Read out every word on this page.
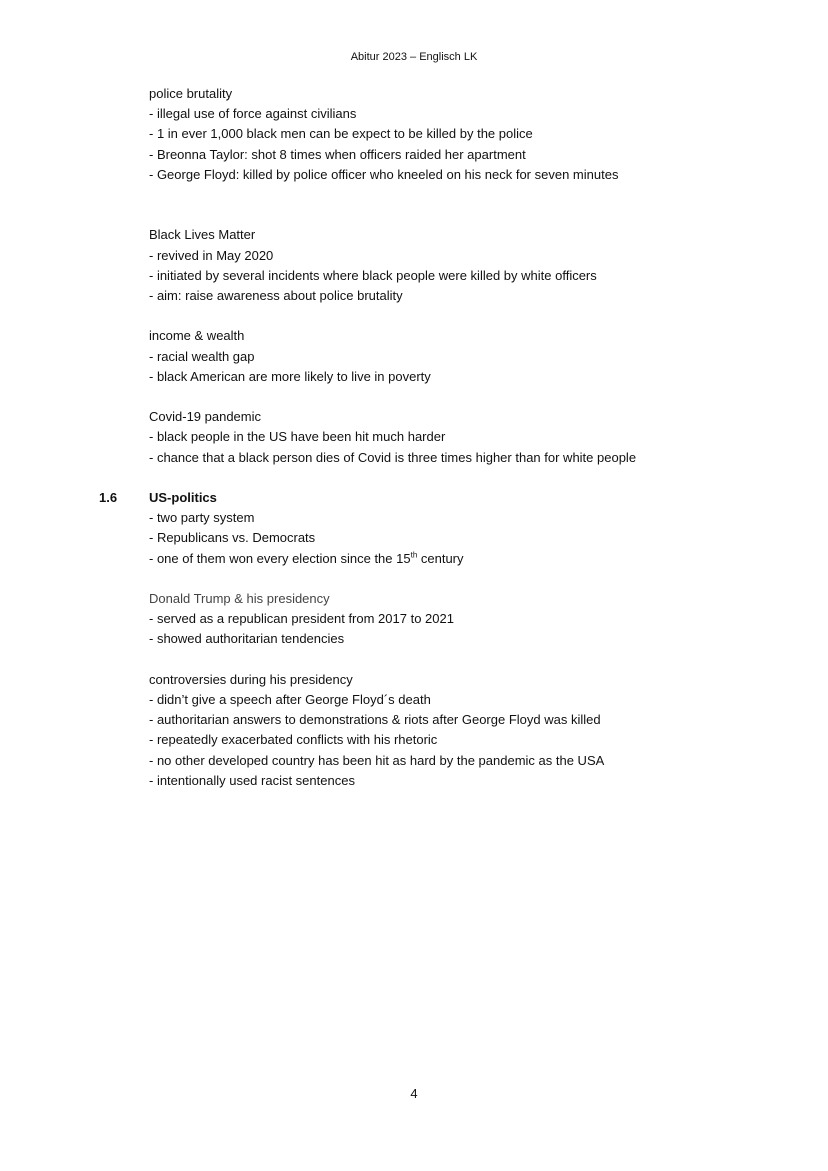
Abitur 2023 – Englisch LK
police brutality
- illegal use of force against civilians
- 1 in ever 1,000 black men can be expect to be killed by the police
- Breonna Taylor: shot 8 times when officers raided her apartment
- George Floyd: killed by police officer who kneeled on his neck for seven minutes
Black Lives Matter
- revived in May 2020
- initiated by several incidents where black people were killed by white officers
- aim: raise awareness about police brutality
income & wealth
- racial wealth gap
- black American are more likely to live in poverty
Covid-19 pandemic
- black people in the US have been hit much harder
- chance that a black person dies of Covid is three times higher than for white people
1.6 US-politics
- two party system
- Republicans vs. Democrats
- one of them won every election since the 15th century
Donald Trump & his presidency
- served as a republican president from 2017 to 2021
- showed authoritarian tendencies
controversies during his presidency
- didn’t give a speech after George Floyd´s death
- authoritarian answers to demonstrations & riots after George Floyd was killed
- repeatedly exacerbated conflicts with his rhetoric
- no other developed country has been hit as hard by the pandemic as the USA
- intentionally used racist sentences
4
